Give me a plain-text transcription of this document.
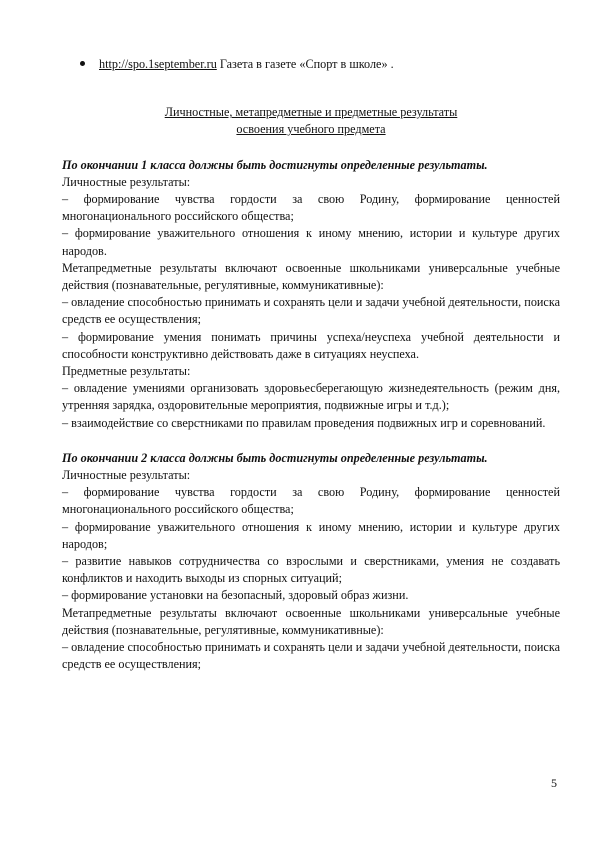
http://spo.1september.ru Газета в газете «Спорт в школе» .

Личностные, метапредметные и предметные результаты

освоения учебного предмета

По окончании 1 класса должны быть достигнуты определенные результаты.

Личностные результаты:

– формирование чувства гордости за свою Родину, формирование ценностей многонационального российского общества;

– формирование уважительного отношения к иному мнению, истории и культуре других народов.

Метапредметные результаты включают освоенные школьниками универсальные учебные действия (познавательные, регулятивные, коммуникативные):

– овладение способностью принимать и сохранять цели и задачи учебной деятельности, поиска средств ее осуществления;

– формирование умения понимать причины успеха/неуспеха учебной деятельности и способности конструктивно действовать даже в ситуациях неуспеха.

Предметные результаты:

– овладение умениями организовать здоровьесберегающую жизнедеятельность (режим дня, утренняя зарядка, оздоровительные мероприятия, подвижные игры и т.д.);

– взаимодействие со сверстниками по правилам проведения подвижных игр и соревнований.

По окончании 2 класса должны быть достигнуты определенные результаты.

Личностные результаты:

– формирование чувства гордости за свою Родину, формирование ценностей многонационального российского общества;

– формирование уважительного отношения к иному мнению, истории и культуре других народов;

– развитие навыков сотрудничества со взрослыми и сверстниками, умения не создавать конфликтов и находить выходы из спорных ситуаций;

– формирование установки на безопасный, здоровый образ жизни.

Метапредметные результаты включают освоенные школьниками универсальные учебные действия (познавательные, регулятивные, коммуникативные):

– овладение способностью принимать и сохранять цели и задачи учебной деятельности, поиска средств ее осуществления;

5
